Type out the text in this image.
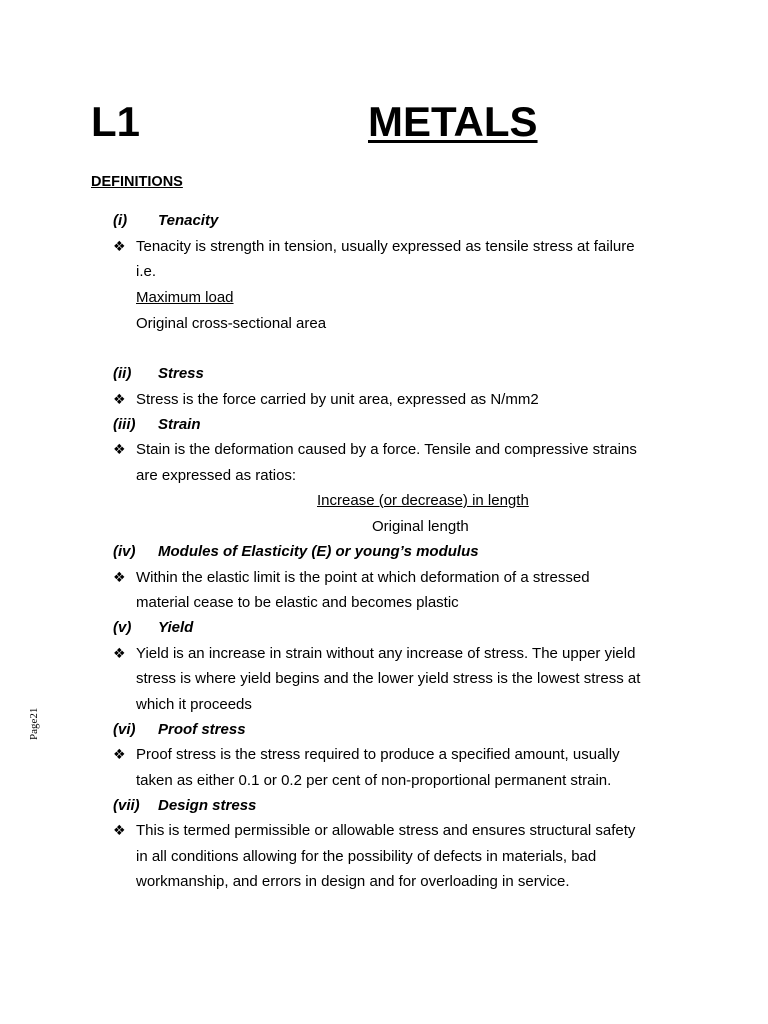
L1	METALS
DEFINITIONS
(i) Tenacity
❖ Tenacity is strength in tension, usually expressed as tensile stress at failure
i.e.
Maximum load
Original cross-sectional area
(ii) Stress
❖ Stress is the force carried by unit area, expressed as N/mm2
(iii) Strain
❖ Stain is the deformation caused by a force. Tensile and compressive strains
are expressed as ratios:
Increase (or decrease) in length
Original length
(iv) Modules of Elasticity (E) or young’s modulus
❖ Within the elastic limit is the point at which deformation of a stressed
material cease to be elastic and becomes plastic
(v) Yield
❖ Yield is an increase in strain without any increase of stress. The upper yield
stress is where yield begins and the lower yield stress is the lowest stress at
which it proceeds
(vi) Proof stress
❖ Proof stress is the stress required to produce a specified amount, usually
taken as either 0.1 or 0.2 per cent of non-proportional permanent strain.
(vii) Design stress
❖ This is termed permissible or allowable stress and ensures structural safety
in all conditions allowing for the possibility of defects in materials, bad
workmanship, and errors in design and for overloading in service.
Page21
